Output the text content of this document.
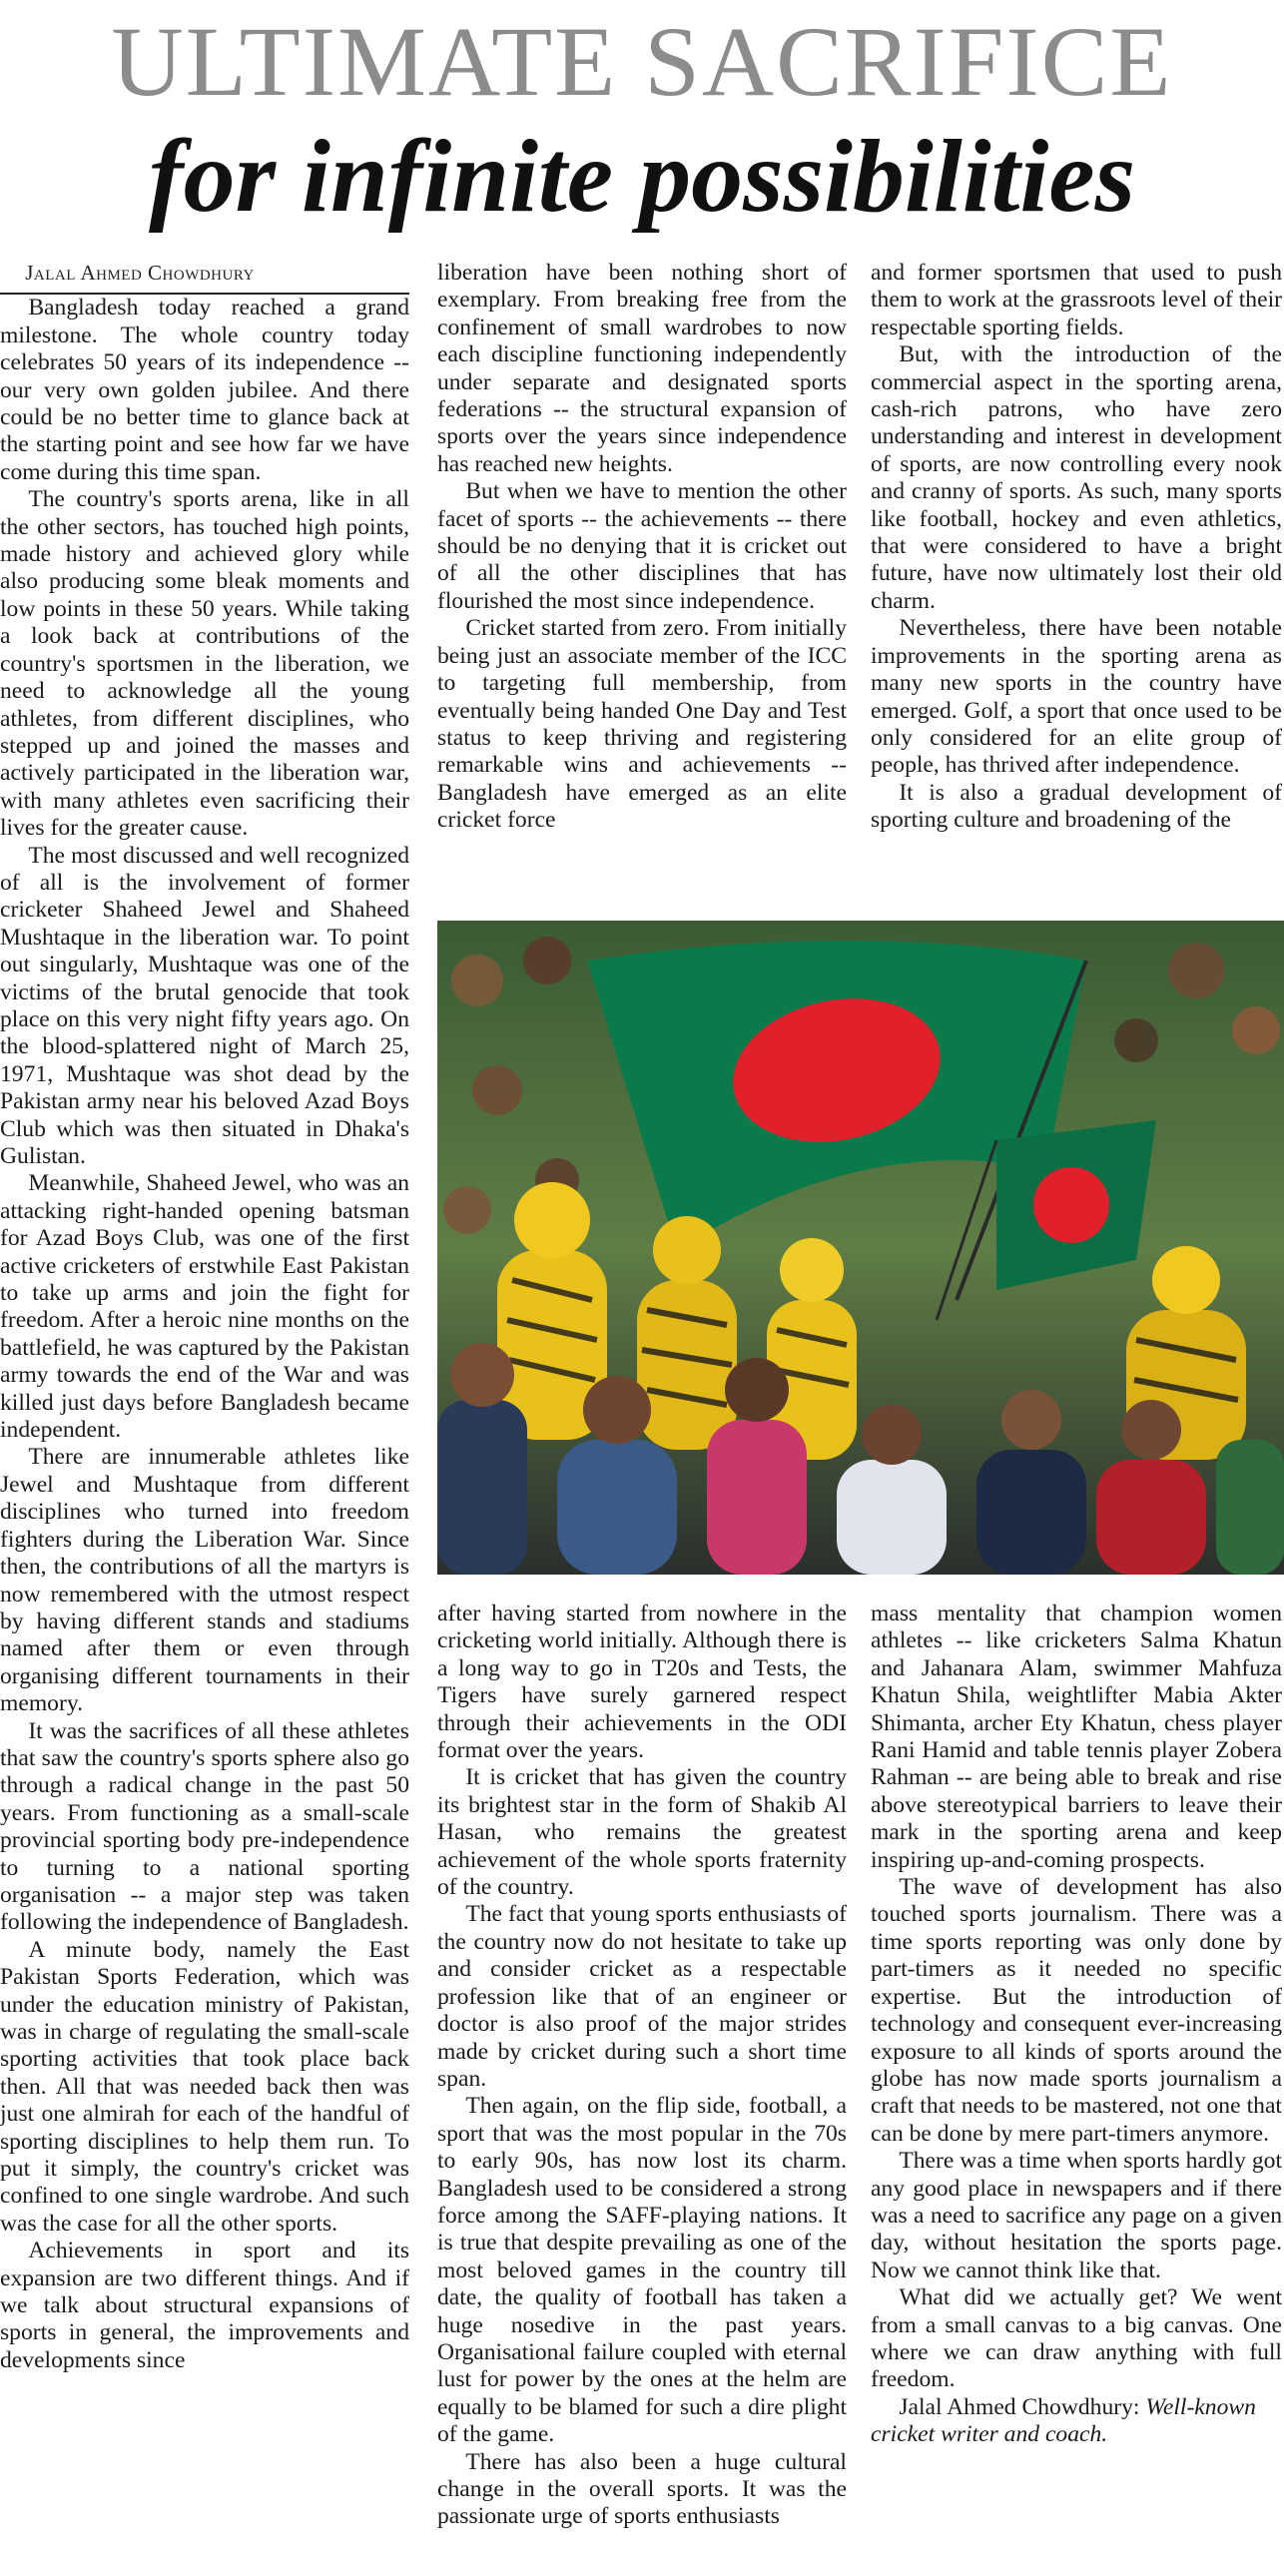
ULTIMATE SACRIFICE
for infinite possibilities

Jalal Ahmed Chowdhury

Bangladesh today reached a grand milestone. The whole country today celebrates 50 years of its independence -- our very own golden jubilee. And there could be no better time to glance back at the starting point and see how far we have come during this time span.

The country's sports arena, like in all the other sectors, has touched high points, made history and achieved glory while also producing some bleak moments and low points in these 50 years. While taking a look back at contributions of the country's sportsmen in the liberation, we need to acknowledge all the young athletes, from different disciplines, who stepped up and joined the masses and actively participated in the liberation war, with many athletes even sacrificing their lives for the greater cause.

The most discussed and well recognized of all is the involvement of former cricketer Shaheed Jewel and Shaheed Mushtaque in the liberation war. To point out singularly, Mushtaque was one of the victims of the brutal genocide that took place on this very night fifty years ago. On the blood-splattered night of March 25, 1971, Mushtaque was shot dead by the Pakistan army near his beloved Azad Boys Club which was then situated in Dhaka's Gulistan.

Meanwhile, Shaheed Jewel, who was an attacking right-handed opening batsman for Azad Boys Club, was one of the first active cricketers of erstwhile East Pakistan to take up arms and join the fight for freedom. After a heroic nine months on the battlefield, he was captured by the Pakistan army towards the end of the War and was killed just days before Bangladesh became independent.

There are innumerable athletes like Jewel and Mushtaque from different disciplines who turned into freedom fighters during the Liberation War. Since then, the contributions of all the martyrs is now remembered with the utmost respect by having different stands and stadiums named after them or even through organising different tournaments in their memory.

It was the sacrifices of all these athletes that saw the country's sports sphere also go through a radical change in the past 50 years. From functioning as a small-scale provincial sporting body pre-independence to turning to a national sporting organisation -- a major step was taken following the independence of Bangladesh.

A minute body, namely the East Pakistan Sports Federation, which was under the education ministry of Pakistan, was in charge of regulating the small-scale sporting activities that took place back then. All that was needed back then was just one almirah for each of the handful of sporting disciplines to help them run. To put it simply, the country's cricket was confined to one single wardrobe. And such was the case for all the other sports.

Achievements in sport and its expansion are two different things. And if we talk about structural expansions of sports in general, the improvements and developments since

liberation have been nothing short of exemplary. From breaking free from the confinement of small wardrobes to now each discipline functioning independently under separate and designated sports federations -- the structural expansion of sports over the years since independence has reached new heights.

But when we have to mention the other facet of sports -- the achievements -- there should be no denying that it is cricket out of all the other disciplines that has flourished the most since independence.

Cricket started from zero. From initially being just an associate member of the ICC to targeting full membership, from eventually being handed One Day and Test status to keep thriving and registering remarkable wins and achievements -- Bangladesh have emerged as an elite cricket force

and former sportsmen that used to push them to work at the grassroots level of their respectable sporting fields.

But, with the introduction of the commercial aspect in the sporting arena, cash-rich patrons, who have zero understanding and interest in development of sports, are now controlling every nook and cranny of sports. As such, many sports like football, hockey and even athletics, that were considered to have a bright future, have now ultimately lost their old charm.

Nevertheless, there have been notable improvements in the sporting arena as many new sports in the country have emerged. Golf, a sport that once used to be only considered for an elite group of people, has thrived after independence.

It is also a gradual development of sporting culture and broadening of the

after having started from nowhere in the cricketing world initially. Although there is a long way to go in T20s and Tests, the Tigers have surely garnered respect through their achievements in the ODI format over the years.

It is cricket that has given the country its brightest star in the form of Shakib Al Hasan, who remains the greatest achievement of the whole sports fraternity of the country.

The fact that young sports enthusiasts of the country now do not hesitate to take up and consider cricket as a respectable profession like that of an engineer or doctor is also proof of the major strides made by cricket during such a short time span.

Then again, on the flip side, football, a sport that was the most popular in the 70s to early 90s, has now lost its charm. Bangladesh used to be considered a strong force among the SAFF-playing nations. It is true that despite prevailing as one of the most beloved games in the country till date, the quality of football has taken a huge nosedive in the past years. Organisational failure coupled with eternal lust for power by the ones at the helm are equally to be blamed for such a dire plight of the game.

There has also been a huge cultural change in the overall sports. It was the passionate urge of sports enthusiasts

mass mentality that champion women athletes -- like cricketers Salma Khatun and Jahanara Alam, swimmer Mahfuza Khatun Shila, weightlifter Mabia Akter Shimanta, archer Ety Khatun, chess player Rani Hamid and table tennis player Zobera Rahman -- are being able to break and rise above stereotypical barriers to leave their mark in the sporting arena and keep inspiring up-and-coming prospects.

The wave of development has also touched sports journalism. There was a time sports reporting was only done by part-timers as it needed no specific expertise. But the introduction of technology and consequent ever-increasing exposure to all kinds of sports around the globe has now made sports journalism a craft that needs to be mastered, not one that can be done by mere part-timers anymore.

There was a time when sports hardly got any good place in newspapers and if there was a need to sacrifice any page on a given day, without hesitation the sports page. Now we cannot think like that.

What did we actually get? We went from a small canvas to a big canvas. One where we can draw anything with full freedom.

Jalal Ahmed Chowdhury: Well-known cricket writer and coach.
